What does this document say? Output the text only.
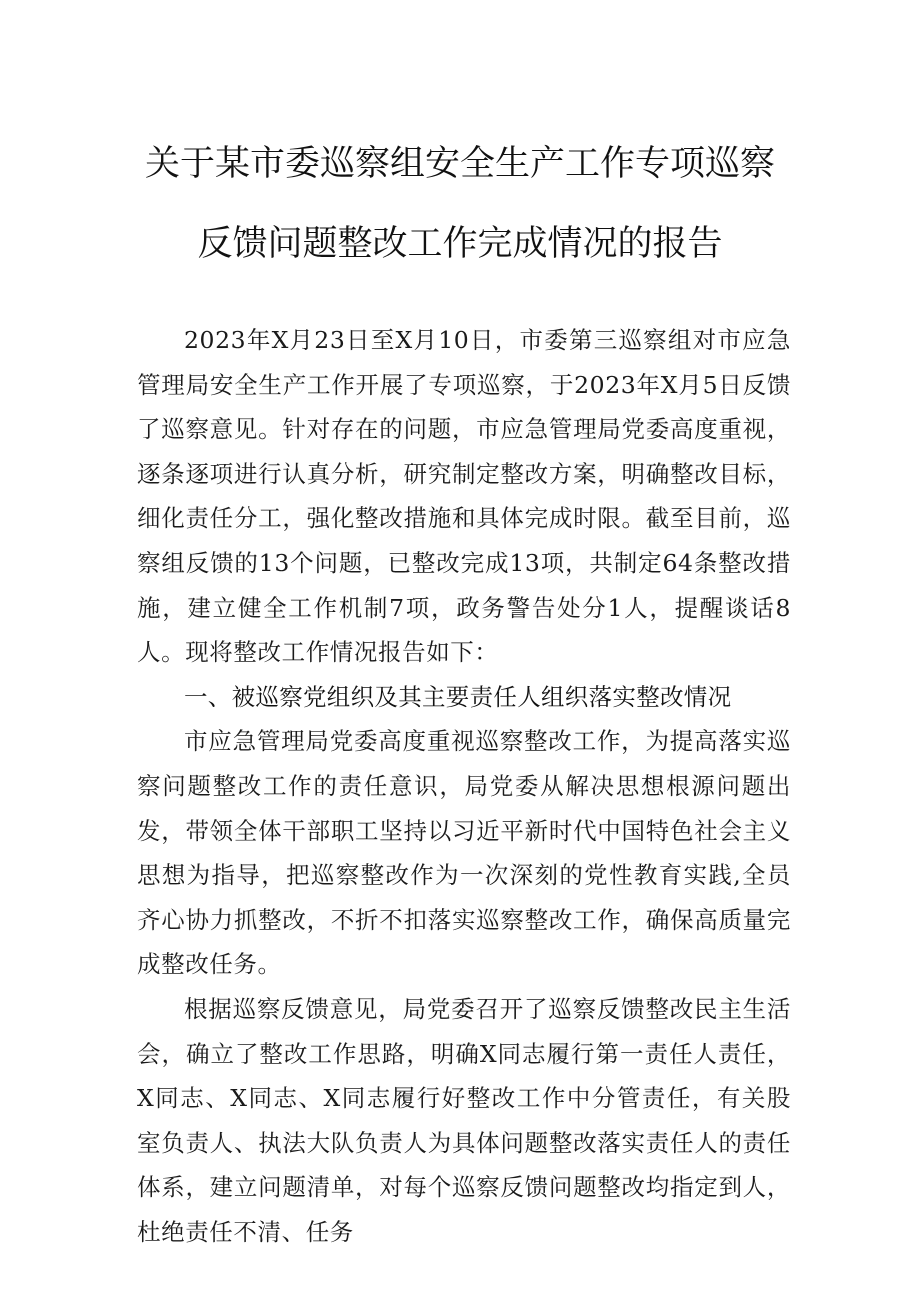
关于某市委巡察组安全生产工作专项巡察
反馈问题整改工作完成情况的报告

2023年X月23日至X月10日，市委第三巡察组对市应急管理局安全生产工作开展了专项巡察，于2023年X月5日反馈了巡察意见。针对存在的问题，市应急管理局党委高度重视，逐条逐项进行认真分析，研究制定整改方案，明确整改目标，细化责任分工，强化整改措施和具体完成时限。截至目前，巡察组反馈的13个问题，已整改完成13项，共制定64条整改措施，建立健全工作机制7项，政务警告处分1人，提醒谈话8人。现将整改工作情况报告如下：

一、被巡察党组织及其主要责任人组织落实整改情况

市应急管理局党委高度重视巡察整改工作，为提高落实巡察问题整改工作的责任意识，局党委从解决思想根源问题出发，带领全体干部职工坚持以习近平新时代中国特色社会主义思想为指导，把巡察整改作为一次深刻的党性教育实践,全员齐心协力抓整改，不折不扣落实巡察整改工作，确保高质量完成整改任务。

根据巡察反馈意见，局党委召开了巡察反馈整改民主生活会，确立了整改工作思路，明确X同志履行第一责任人责任，X同志、X同志、X同志履行好整改工作中分管责任，有关股室负责人、执法大队负责人为具体问题整改落实责任人的责任体系，建立问题清单，对每个巡察反馈问题整改均指定到人，杜绝责任不清、任务
